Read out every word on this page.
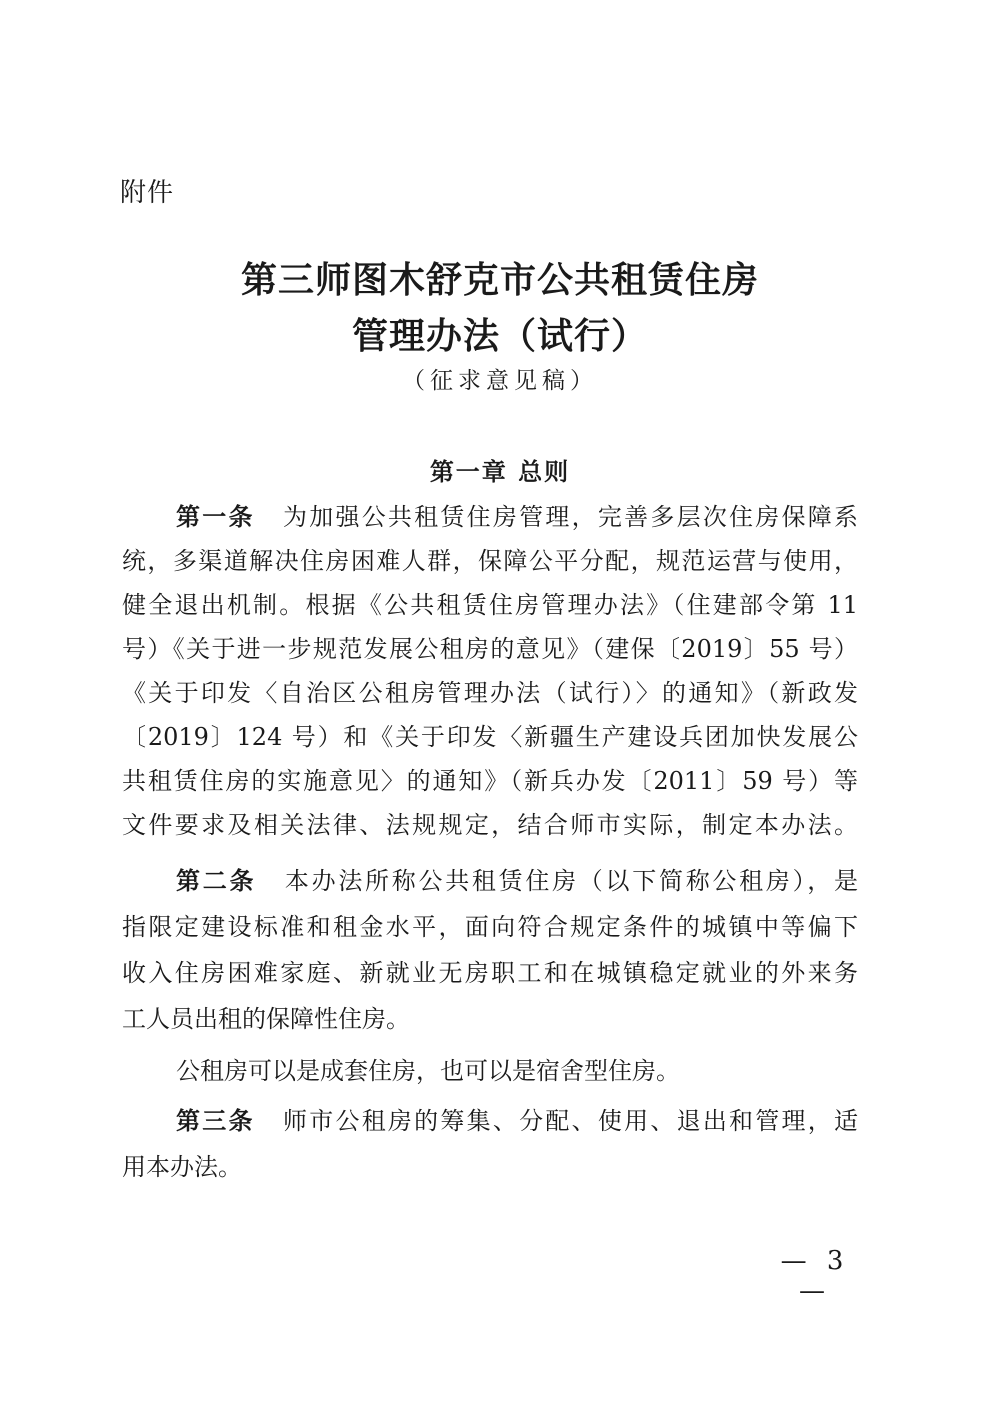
附件
第三师图木舒克市公共租赁住房
管理办法（试行）
（征求意见稿）
第一章 总则
第一条 为加强公共租赁住房管理，完善多层次住房保障系
统，多渠道解决住房困难人群，保障公平分配，规范运营与使用，
健全退出机制。根据《公共租赁住房管理办法》（住建部令第 11
号）《关于进一步规范发展公租房的意见》（建保〔2019〕55 号）
《关于印发〈自治区公租房管理办法（试行）〉的通知》（新政发
〔2019〕124 号）和《关于印发〈新疆生产建设兵团加快发展公
共租赁住房的实施意见〉的通知》（新兵办发〔2011〕59 号）等
文件要求及相关法律、法规规定，结合师市实际，制定本办法。
第二条 本办法所称公共租赁住房（以下简称公租房），是
指限定建设标准和租金水平，面向符合规定条件的城镇中等偏下
收入住房困难家庭、新就业无房职工和在城镇稳定就业的外来务
工人员出租的保障性住房。
公租房可以是成套住房，也可以是宿舍型住房。
第三条 师市公租房的筹集、分配、使用、退出和管理，适
用本办法。
— 3 —
